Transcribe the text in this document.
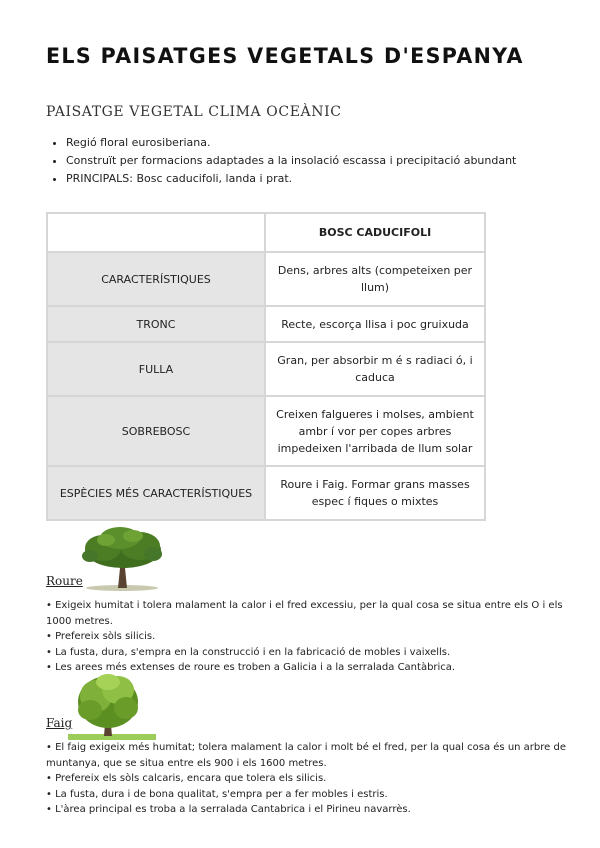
ELS PAISATGES VEGETALS D'ESPANYA
PAISATGE VEGETAL CLIMA OCEÀNIC
• Regió floral eurosiberiana.
• Construït per formacions adaptades a la insolació escassa i precipitació abundant
• PRINCIPALS: Bosc caducifoli, landa i prat.
	BOSC CADUCIFOLI
CARACTERÍSTIQUES	Dens, arbres alts (competeixen per llum)
TRONC	Recte, escorça llisa i poc gruixuda
FULLA	Gran, per absorbir m é s radiaci ó, i caduca
SOBREBOSC	Creixen falgueres i molses, ambient ambr í vor per copes arbres impedeixen l'arribada de llum solar
ESPÈCIES MÉS CARACTERÍSTIQUES	Roure i Faig. Formar grans masses espec í fiques o mixtes
Roure
• Exigeix humitat i tolera malament la calor i el fred excessiu, per la qual cosa se situa entre els O i els 1000 metres.
• Prefereix sòls silicis.
• La fusta, dura, s'empra en la construcció i en la fabricació de mobles i vaixells.
• Les arees més extenses de roure es troben a Galicia i a la serralada Cantàbrica.
Faig
• El faig exigeix més humitat; tolera malament la calor i molt bé el fred, per la qual cosa és un arbre de muntanya, que se situa entre els 900 i els 1600 metres.
• Prefereix els sòls calcaris, encara que tolera els silicis.
• La fusta, dura i de bona qualitat, s'empra per a fer mobles i estris.
• L'àrea principal es troba a la serralada Cantabrica i el Pirineu navarrès.
